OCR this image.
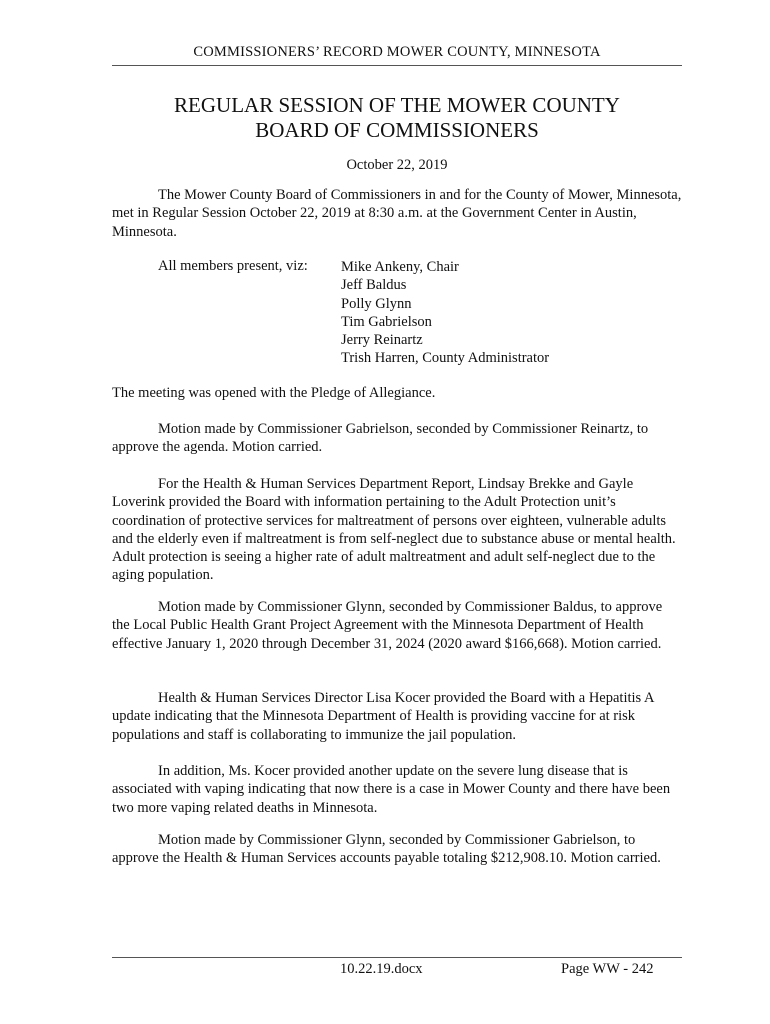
COMMISSIONERS’ RECORD MOWER COUNTY, MINNESOTA
REGULAR SESSION OF THE MOWER COUNTY
BOARD OF COMMISSIONERS
October 22, 2019

The Mower County Board of Commissioners in and for the County of Mower, Minnesota, met in Regular Session October 22, 2019 at 8:30 a.m. at the Government Center in Austin, Minnesota.

All members present, viz: Mike Ankeny, Chair
Jeff Baldus
Polly Glynn
Tim Gabrielson
Jerry Reinartz
Trish Harren, County Administrator

The meeting was opened with the Pledge of Allegiance.

Motion made by Commissioner Gabrielson, seconded by Commissioner Reinartz, to approve the agenda. Motion carried.

For the Health & Human Services Department Report, Lindsay Brekke and Gayle Loverink provided the Board with information pertaining to the Adult Protection unit’s coordination of protective services for maltreatment of persons over eighteen, vulnerable adults and the elderly even if maltreatment is from self-neglect due to substance abuse or mental health. Adult protection is seeing a higher rate of adult maltreatment and adult self-neglect due to the aging population.

Motion made by Commissioner Glynn, seconded by Commissioner Baldus, to approve the Local Public Health Grant Project Agreement with the Minnesota Department of Health effective January 1, 2020 through December 31, 2024 (2020 award $166,668). Motion carried.

Health & Human Services Director Lisa Kocer provided the Board with a Hepatitis A update indicating that the Minnesota Department of Health is providing vaccine for at risk populations and staff is collaborating to immunize the jail population.

In addition, Ms. Kocer provided another update on the severe lung disease that is associated with vaping indicating that now there is a case in Mower County and there have been two more vaping related deaths in Minnesota.

Motion made by Commissioner Glynn, seconded by Commissioner Gabrielson, to approve the Health & Human Services accounts payable totaling $212,908.10. Motion carried.

10.22.19.docx	Page WW - 242
